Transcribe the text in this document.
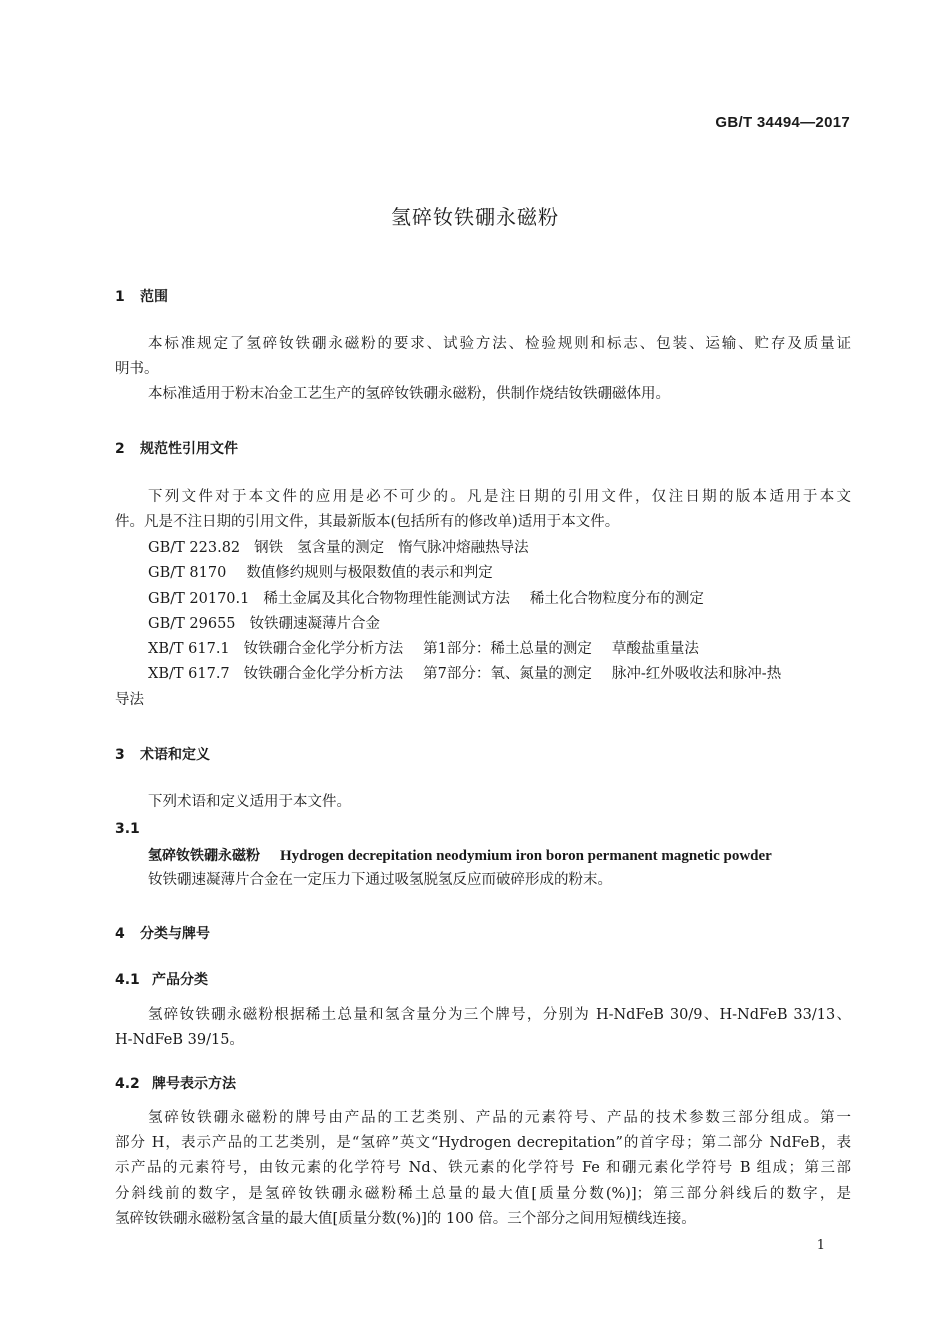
GB/T 34494—2017
氢碎钕铁硼永磁粉
1 范围
本标准规定了氢碎钕铁硼永磁粉的要求、试验方法、检验规则和标志、包装、运输、贮存及质量证
明书。
本标准适用于粉末冶金工艺生产的氢碎钕铁硼永磁粉，供制作烧结钕铁硼磁体用。
2 规范性引用文件
下列文件对于本文件的应用是必不可少的。凡是注日期的引用文件，仅注日期的版本适用于本文
件。凡是不注日期的引用文件，其最新版本(包括所有的修改单)适用于本文件。
GB/T 223.82 钢铁 氢含量的测定 惰气脉冲熔融热导法
GB/T 8170 数值修约规则与极限数值的表示和判定
GB/T 20170.1 稀土金属及其化合物物理性能测试方法 稀土化合物粒度分布的测定
GB/T 29655 钕铁硼速凝薄片合金
XB/T 617.1 钕铁硼合金化学分析方法 第1部分：稀土总量的测定 草酸盐重量法
XB/T 617.7 钕铁硼合金化学分析方法 第7部分：氧、氮量的测定 脉冲-红外吸收法和脉冲-热
导法
3 术语和定义
下列术语和定义适用于本文件。
3.1
氢碎钕铁硼永磁粉 Hydrogen decrepitation neodymium iron boron permanent magnetic powder
钕铁硼速凝薄片合金在一定压力下通过吸氢脱氢反应而破碎形成的粉末。
4 分类与牌号
4.1 产品分类
氢碎钕铁硼永磁粉根据稀土总量和氢含量分为三个牌号，分别为 H-NdFeB 30/9、H-NdFeB 33/13、
H-NdFeB 39/15。
4.2 牌号表示方法
氢碎钕铁硼永磁粉的牌号由产品的工艺类别、产品的元素符号、产品的技术参数三部分组成。第一
部分 H，表示产品的工艺类别，是“氢碎”英文“Hydrogen decrepitation”的首字母；第二部分 NdFeB，表
示产品的元素符号，由钕元素的化学符号 Nd、铁元素的化学符号 Fe 和硼元素化学符号 B 组成；第三部
分斜线前的数字，是氢碎钕铁硼永磁粉稀土总量的最大值[质量分数(%)]；第三部分斜线后的数字，是
氢碎钕铁硼永磁粉氢含量的最大值[质量分数(%)]的 100 倍。三个部分之间用短横线连接。
1
